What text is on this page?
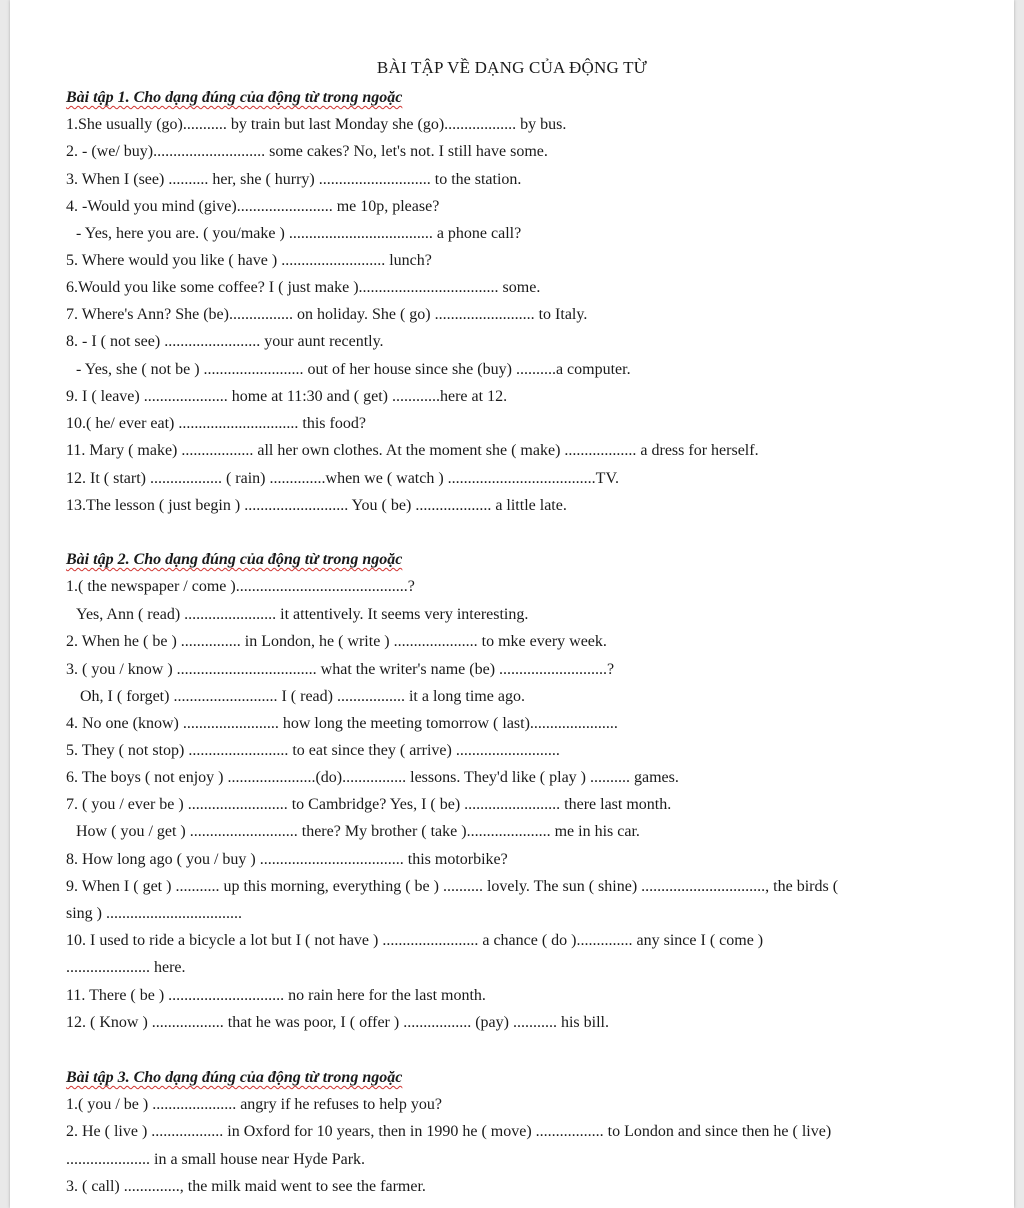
BÀI TẬP VỀ DẠNG CỦA ĐỘNG TỪ
Bài tập 1. Cho dạng đúng của động từ trong ngoặc
1.She usually (go)........... by train but last Monday she (go).................. by bus.
2. - (we/ buy)............................ some cakes? No, let's not. I still have some.
3. When I (see) .......... her, she ( hurry) ............................ to the station.
4. -Would you mind (give)........................ me 10p, please?
- Yes, here you are. ( you/make ) .................................... a phone call?
5. Where would you like ( have ) .......................... lunch?
6.Would you like some coffee? I ( just make )................................... some.
7. Where's Ann? She (be)................ on holiday. She ( go) ......................... to Italy.
8. - I ( not see) ........................ your aunt recently.
- Yes, she ( not be ) ......................... out of her house since she (buy) ..........a computer.
9. I ( leave) ..................... home at 11:30 and ( get) ............here at 12.
10.( he/ ever eat) .............................. this food?
11. Mary ( make) .................. all her own clothes. At the moment she ( make) .................. a dress for herself.
12. It ( start) .................. ( rain) ..............when we ( watch ) .....................................TV.
13.The lesson ( just begin ) .......................... You ( be) ................... a little late.
Bài tập 2. Cho dạng đúng của động từ trong ngoặc
1.( the newspaper / come )...........................................?
Yes, Ann ( read) ....................... it attentively. It seems very interesting.
2. When he ( be ) ............... in London, he ( write ) ..................... to mke every week.
3. ( you / know ) ................................... what the writer's name (be) ...........................?
Oh, I ( forget) .......................... I ( read) ................. it a long time ago.
4. No one (know) ........................ how long the meeting tomorrow ( last)......................
5. They ( not stop) ......................... to eat since they ( arrive) ..........................
6. The boys ( not enjoy ) ......................(do)................ lessons. They'd like ( play ) .......... games.
7. ( you / ever be ) ......................... to Cambridge? Yes, I ( be) ........................ there last month.
How ( you / get ) ........................... there? My brother ( take )..................... me in his car.
8. How long ago ( you / buy ) .................................... this motorbike?
9. When I ( get ) ........... up this morning, everything ( be ) .......... lovely. The sun ( shine) ..............................., the birds (
sing ) ..................................
10. I used to ride a bicycle a lot but I ( not have ) ........................ a chance ( do ).............. any since I ( come )
..................... here.
11. There ( be ) ............................. no rain here for the last month.
12. ( Know ) .................. that he was poor, I ( offer ) ................. (pay) ........... his bill.
Bài tập 3. Cho dạng đúng của động từ trong ngoặc
1.( you / be ) ..................... angry if he refuses to help you?
2. He ( live ) .................. in Oxford for 10 years, then in 1990 he ( move) ................. to London and since then he ( live)
..................... in a small house near Hyde Park.
3. ( call) .............., the milk maid went to see the farmer.
